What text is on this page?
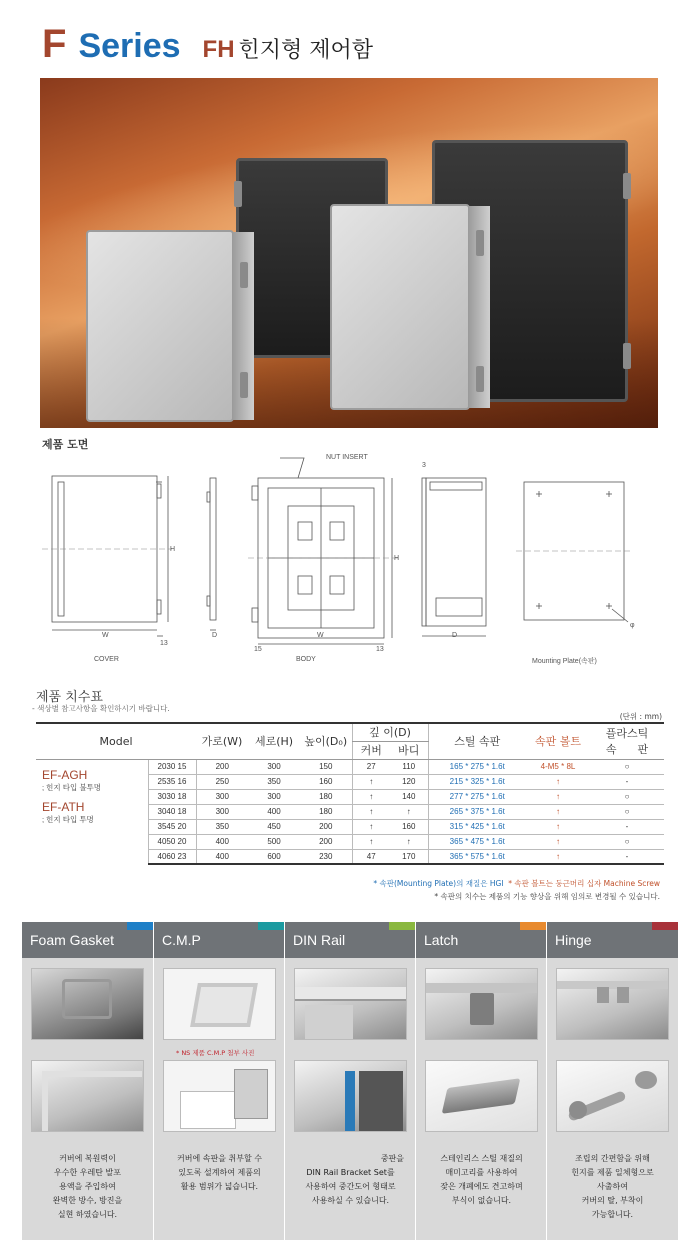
F Series FH 힌지형 제어함
제품 도면
COVER	BODY	Mounting Plate(속판)
NUT INSERT
W	W
D	D
H
H
13
13
15
3
φ
제품 치수표
- 색상별 참고사항을 확인하시기 바랍니다.
(단위 : mm)
Model		가로(W)	세로(H)	높이(D₀)	깊 이(D)		스틸 속판	속판 볼트	플라스틱
속      판

					커버	바디			

EF-AGH
; 힌지 타입 불투명
EF-ATH
; 힌지 타입 투명	2030 15	200	300	150	27	110	165 * 275 * 1.6t	4-M5 * 8L	○
	2535 16	250	350	160	↑	120	215 * 325 * 1.6t	↑	-
	3030 18	300	300	180	↑	140	277 * 275 * 1.6t	↑	○
	3040 18	300	400	180	↑	↑	265 * 375 * 1.6t	↑	○
	3545 20	350	450	200	↑	160	315 * 425 * 1.6t	↑	-
	4050 20	400	500	200	↑	↑	365 * 475 * 1.6t	↑	○
	4060 23	400	600	230	47	170	365 * 575 * 1.6t	↑	-
* 속판(Mounting Plate)의 재질은 HGI * 속판 볼트는 둥근머리 십자 Machine Screw
* 속판의 치수는 제품의 기능 향상을 위해 임의로 변경될 수 있습니다.
Foam Gasket
커버에 복원력이
우수한 우레탄 발포
용액을 주입하여
완벽한 방수, 방진을
실현 하였습니다.
C.M.P
* NS 제품 C.M.P 첨부 사진
커버에 속판을 취부할 수
있도록 설계하여 제품의
활용 범위가 넓습니다.
DIN Rail
중판을
DIN Rail Bracket Set를
사용하여 중간도어 형태로
사용하실 수 있습니다.
Latch
스테인리스 스틸 재질의
매미고리를 사용하여
잦은 개폐에도 견고하며
부식이 없습니다.
Hinge
조립의 간편함을 위해
힌지를 제품 일체형으로
사출하여
커버의 탈, 부착이
가능합니다.
